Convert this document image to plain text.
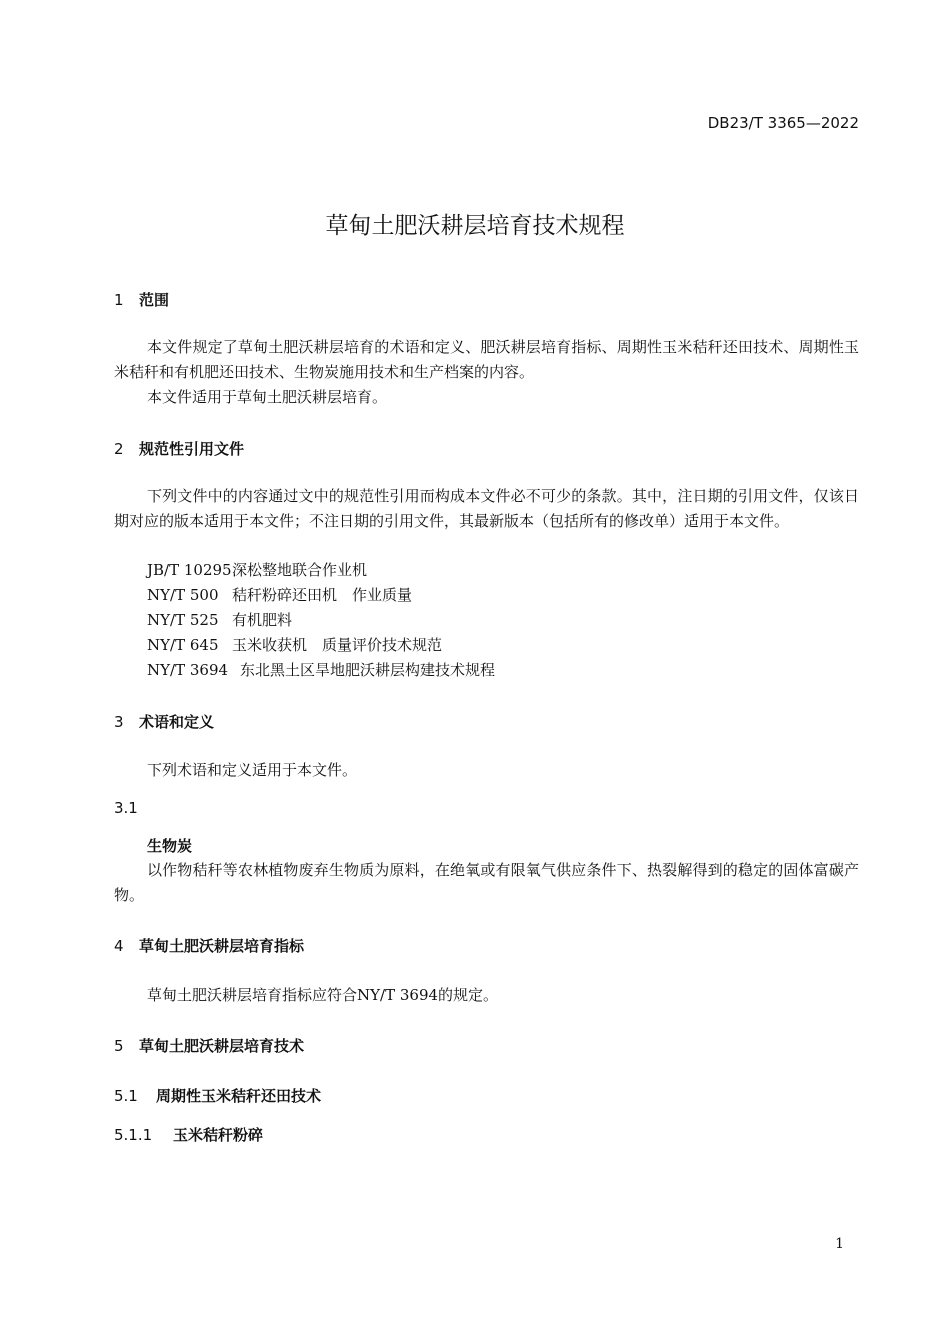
DB23/T 3365—2022
草甸土肥沃耕层培育技术规程
1 范围
本文件规定了草甸土肥沃耕层培育的术语和定义、肥沃耕层培育指标、周期性玉米秸秆还田技术、周期性玉米秸秆和有机肥还田技术、生物炭施用技术和生产档案的内容。
本文件适用于草甸土肥沃耕层培育。
2 规范性引用文件
下列文件中的内容通过文中的规范性引用而构成本文件必不可少的条款。其中，注日期的引用文件，仅该日期对应的版本适用于本文件；不注日期的引用文件，其最新版本（包括所有的修改单）适用于本文件。
JB/T 10295深松整地联合作业机
NY/T 500 秸秆粉碎还田机　作业质量
NY/T 525 有机肥料
NY/T 645 玉米收获机　质量评价技术规范
NY/T 3694 东北黑土区旱地肥沃耕层构建技术规程
3 术语和定义
下列术语和定义适用于本文件。
3.1
生物炭
以作物秸秆等农林植物废弃生物质为原料，在绝氧或有限氧气供应条件下、热裂解得到的稳定的固体富碳产物。
4 草甸土肥沃耕层培育指标
草甸土肥沃耕层培育指标应符合NY/T 3694的规定。
5 草甸土肥沃耕层培育技术
5.1 周期性玉米秸秆还田技术
5.1.1 玉米秸秆粉碎
1
